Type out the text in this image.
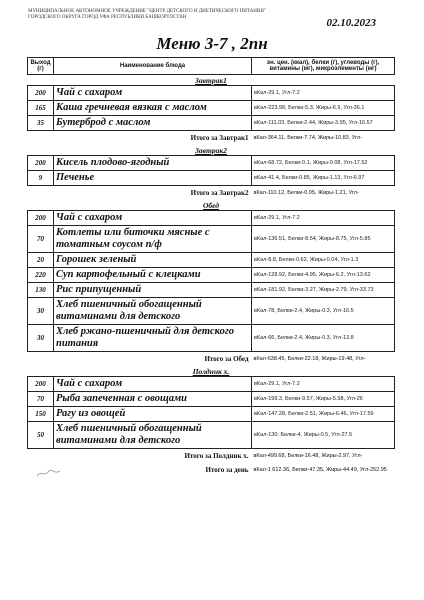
МУНИЦИПАЛЬНОЕ АВТОНОМНОЕ УЧРЕЖДЕНИЕ "ЦЕНТР ДЕТСКОГО И ДИЕТИЧЕСКОГО ПИТАНИЯ" ГОРОДСКОГО ОКРУГА ГОРОД УФА РЕСПУБЛИКИ БАШКОРТОСТАН	02.10.2023
Меню 3-7 , 2пн
Выход (г)	Наименование блюда	эн. цен. (ккал), белки (г), углеводы (г), витамины (мг), микроэлементы (мг)
Завтрак1		
200	Чай с сахаром	вКал-29.1, Угл-7.2
165	Каша гречневая вязкая с маслом	вКал-223.98, Белки-5.3, Жиры-6.9, Угл-36.1
35	Бутерброд с маслом	вКал-111.03, Белки-2.44, Жиры-3.95, Угл-16.57
Итого за Завтрак1		вКал-364.11, Белки-7.74, Жиры-10.83, Угл-
Завтрак2		
200	Кисель плодово-ягодный	вКал-68.72, Белки-0.1, Жиры-0.08, Угл-17.52
9	Печенье	вКал-41.4, Белки-0.85, Жиры-1.13, Угл-6.97
Итого за Завтрак2		вКал-110.12, Белки-0.95, Жиры-1.21, Угл-
Обед		
200	Чай с сахаром	вКал-29.1, Угл-7.2
70	Котлеты или биточки мясные с томатным соусом п/ф	вКал-136.51, Белки-8.54, Жиры-8.75, Угл-5.85
20	Горошек зеленый	вКал-8.8, Белки-0.62, Жиры-0.04, Угл-1.3
220	Суп картофельный с клецками	вКал-128.92, Белки-4.95, Жиры-6.2, Угл-13.62
130	Рис припущенный	вКал-181.92, Белки-3.27, Жиры-2.79, Угл-33.73
30	Хлеб пшеничный обогащенный витаминами для детского	вКал-78, Белки-2.4, Жиры-0.3, Угл-16.5
30	Хлеб ржано-пшеничный для детского питания	вКал-66, Белки-2.4, Жиры-0.3, Угл-13.8
Итого за Обед		вКал-638.45, Белки-22.18, Жиры-19.48, Угл-
Полдник х.		
200	Чай с сахаром	вКал-29.1, Угл-7.2
70	Рыба запеченная с овощами	вКал-199.3, Белки-9.57, Жиры-5.98, Угл-26
150	Рагу из овощей	вКал-147.28, Белки-2.51, Жиры-6.46, Угл-17.59
50	Хлеб пшеничный обогащенный витаминами для детского	вКал-130, Белки-4, Жиры-0.5, Угл-27.5
Итого за Полдник х.		вКал-499.68, Белки-16.48, Жиры-2.97, Угл-
Итого за день		вКал-1 612.36, Белки-47.35, Жиры-44.49, Угл-252.95
